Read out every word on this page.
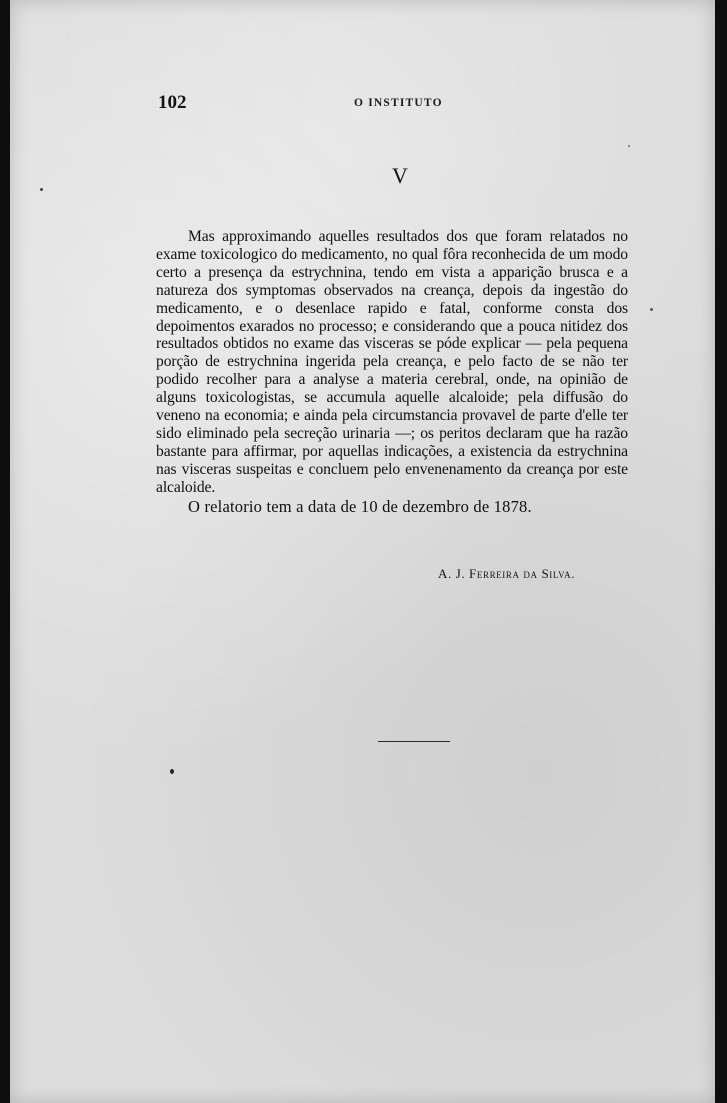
102	O INSTITUTO
V

Mas approximando aquelles resultados dos que foram relatados no exame toxicologico do medicamento, no qual fôra reconhecida de um modo certo a presença da estrychnina, tendo em vista a apparição brusca e a natureza dos symptomas observados na creança, depois da ingestão do medicamento, e o desenlace rapido e fatal, conforme consta dos depoimentos exarados no processo; e considerando que a pouca nitidez dos resultados obtidos no exame das visceras se póde explicar — pela pequena porção de estrychnina ingerida pela creança, e pelo facto de se não ter podido recolher para a analyse a materia cerebral, onde, na opinião de alguns toxicologistas, se accumula aquelle alcaloide; pela diffusão do veneno na economia; e ainda pela circumstancia provavel de parte d'elle ter sido eliminado pela secreção urinaria —; os peritos declaram que ha razão bastante para affirmar, por aquellas indicações, a existencia da estrychnina nas visceras suspeitas e concluem pelo envenenamento da creança por este alcaloide.

O relatorio tem a data de 10 de dezembro de 1878.

A. J. Ferreira da Silva.
